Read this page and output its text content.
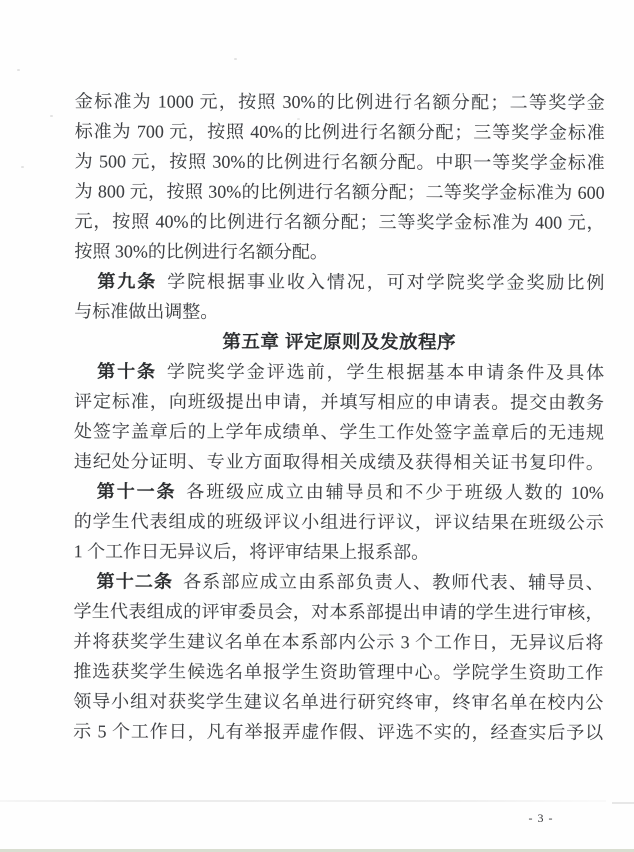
金标准为 1000 元，按照 30%的比例进行名额分配；二等奖学金
标准为 700 元，按照 40%的比例进行名额分配；三等奖学金标准
为 500 元，按照 30%的比例进行名额分配。中职一等奖学金标准
为 800 元，按照 30%的比例进行名额分配；二等奖学金标准为 600
元，按照 40%的比例进行名额分配；三等奖学金标准为 400 元，
按照 30%的比例进行名额分配。
第九条 学院根据事业收入情况，可对学院奖学金奖励比例
与标准做出调整。
第五章 评定原则及发放程序
第十条 学院奖学金评选前，学生根据基本申请条件及具体
评定标准，向班级提出申请，并填写相应的申请表。提交由教务
处签字盖章后的上学年成绩单、学生工作处签字盖章后的无违规
违纪处分证明、专业方面取得相关成绩及获得相关证书复印件。
第十一条 各班级应成立由辅导员和不少于班级人数的 10%
的学生代表组成的班级评议小组进行评议，评议结果在班级公示
1 个工作日无异议后，将评审结果上报系部。
第十二条 各系部应成立由系部负责人、教师代表、辅导员、
学生代表组成的评审委员会，对本系部提出申请的学生进行审核，
并将获奖学生建议名单在本系部内公示 3 个工作日，无异议后将
推选获奖学生候选名单报学生资助管理中心。学院学生资助工作
领导小组对获奖学生建议名单进行研究终审，终审名单在校内公
示 5 个工作日，凡有举报弄虚作假、评选不实的，经查实后予以
- 3 -
